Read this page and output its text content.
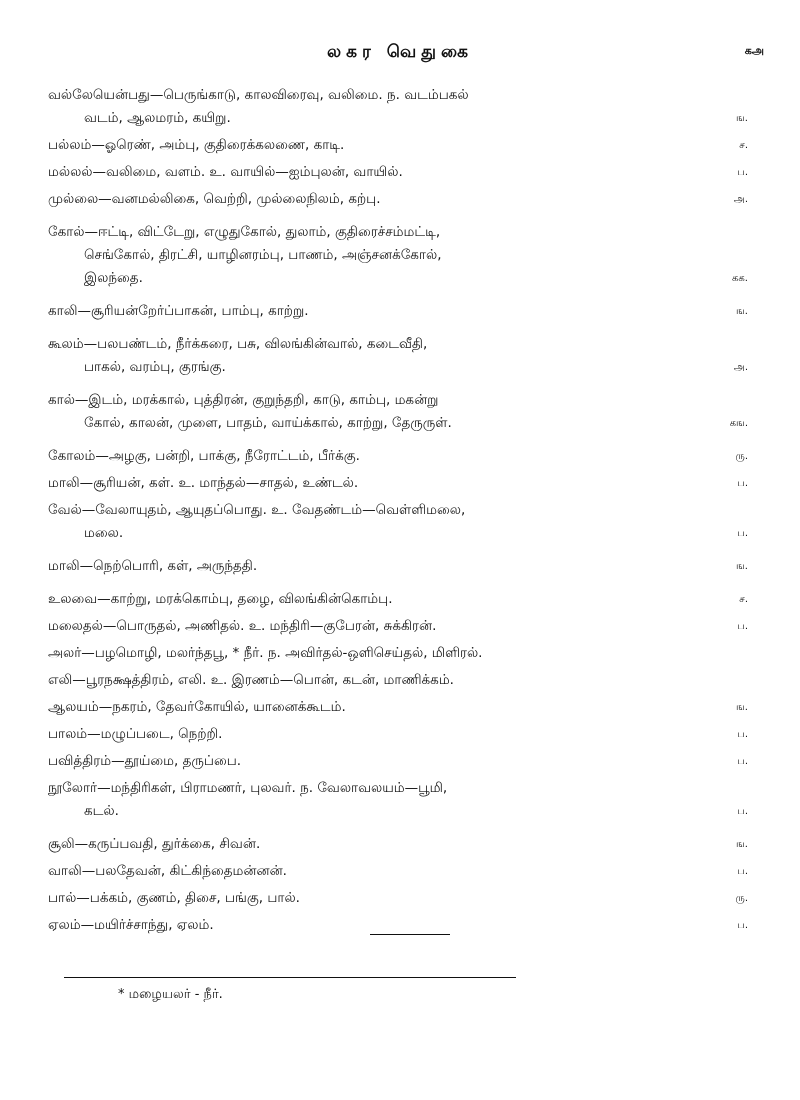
லகர வெதுகை	கஅ
வல்லேயென்பது—பெருங்காடு, காலவிரைவு, வலிமை. ந. வடம்பகல்
வடம், ஆலமரம், கயிறு.	ங.
பல்லம்—ஓரெண், அம்பு, குதிரைக்கலணை, காடி.	ச.
மல்லல்—வலிமை, வளம். உ. வாயில்—ஐம்புலன், வாயில்.	ப.
முல்லை—வனமல்லிகை, வெற்றி, முல்லைநிலம், கற்பு.	அ.
கோல்—ஈட்டி, விட்டேறு, எழுதுகோல், துலாம், குதிரைச்சம்மட்டி,
செங்கோல், திரட்சி, யாழினரம்பு, பாணம், அஞ்சனக்கோல்,
இலந்தை.	கக.
காலி—சூரியன்றேர்ப்பாகன், பாம்பு, காற்று.	ங.
கூலம்—பலபண்டம், நீர்க்கரை, பசு, விலங்கின்வால், கடைவீதி,
பாகல், வரம்பு, குரங்கு.	அ.
கால்—இடம், மரக்கால், புத்திரன், குறுந்தறி, காடு, காம்பு, மகன்று
கோல், காலன், முளை, பாதம், வாய்க்கால், காற்று, தேருருள்.	கங.
கோலம்—அழகு, பன்றி, பாக்கு, நீரோட்டம், பீர்க்கு.	ரு.
மாலி—சூரியன், கள். உ. மாந்தல்—சாதல், உண்டல்.	ப.
வேல்—வேலாயுதம், ஆயுதப்பொது. உ. வேதண்டம்—வெள்ளிமலை,
மலை.	ப.
மாலி—நெற்பொரி, கள், அருந்ததி.	ங.
உலவை—காற்று, மரக்கொம்பு, தழை, விலங்கின்கொம்பு.	ச.
மலைதல்—பொருதல், அணிதல். உ. மந்திரி—குபேரன், சுக்கிரன்.	ப.
அலர்—பழமொழி, மலர்ந்தபூ, * நீர். ந. அவிர்தல்-ஒளிசெய்தல், மிளிரல்.
எலி—பூரநக்ஷத்திரம், எலி. உ. இரணம்—பொன், கடன், மாணிக்கம்.
ஆலயம்—நகரம், தேவர்கோயில், யானைக்கூடம்.	ங.
பாலம்—மழுப்படை, நெற்றி.	ப.
பவித்திரம்—தூய்மை, தருப்பை.	ப.
நூலோர்—மந்திரிகள், பிராமணர், புலவர். ந. வேலாவலயம்—பூமி,
கடல்.	ப.
சூலி—கருப்பவதி, துர்க்கை, சிவன்.	ங.
வாலி—பலதேவன், கிட்கிந்தைமன்னன்.	ப.
பால்—பக்கம், குணம், திசை, பங்கு, பால்.	ரு.
ஏலம்—மயிர்ச்சாந்து, ஏலம்.	ப.
* மழையலர் - நீர்.
